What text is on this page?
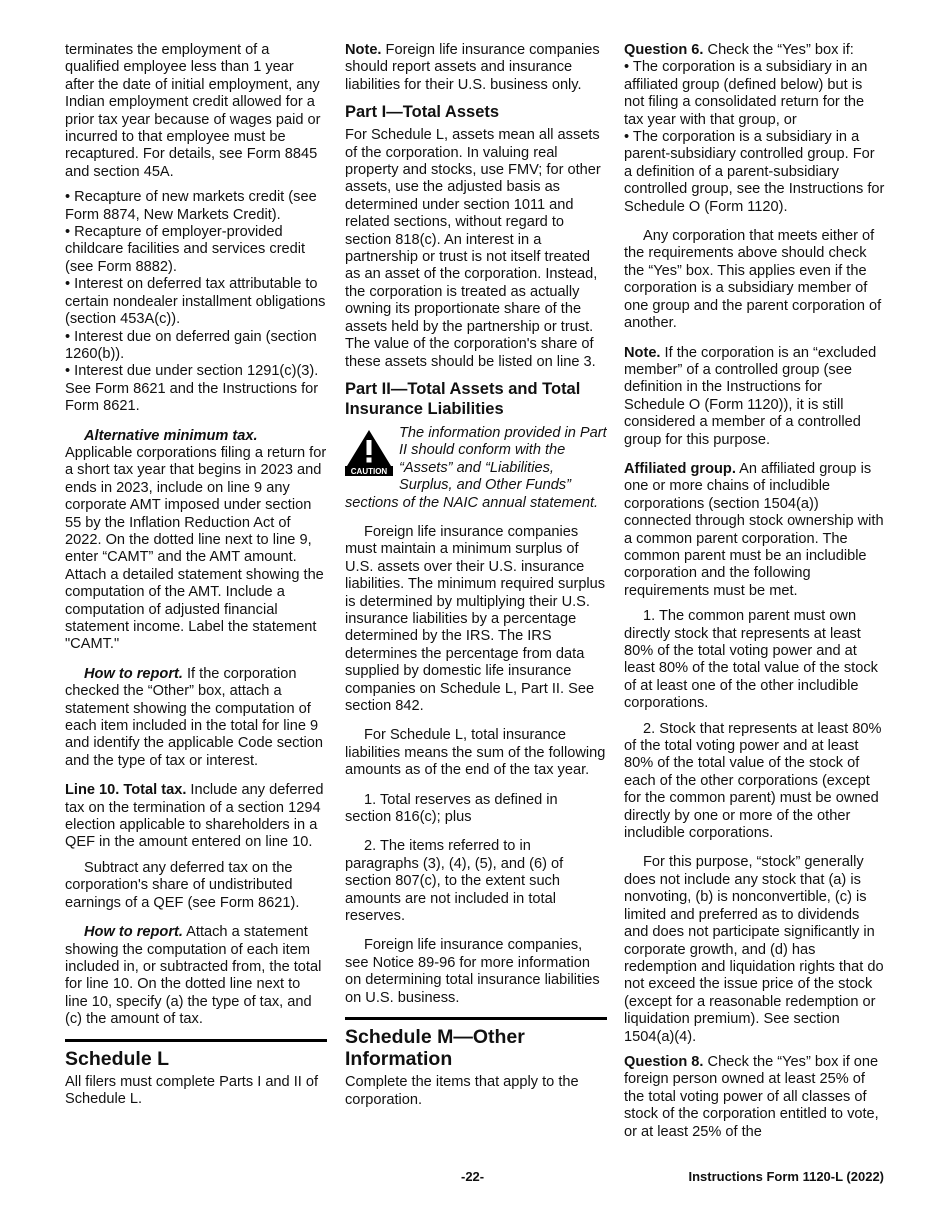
terminates the employment of a qualified employee less than 1 year after the date of initial employment, any Indian employment credit allowed for a prior tax year because of wages paid or incurred to that employee must be recaptured. For details, see Form 8845 and section 45A.

• Recapture of new markets credit (see Form 8874, New Markets Credit).

• Recapture of employer-provided childcare facilities and services credit (see Form 8882).

• Interest on deferred tax attributable to certain nondealer installment obligations (section 453A(c)).

• Interest due on deferred gain (section 1260(b)).

• Interest due under section 1291(c)(3). See Form 8621 and the Instructions for Form 8621.

Alternative minimum tax.

Applicable corporations filing a return for a short tax year that begins in 2023 and ends in 2023, include on line 9 any corporate AMT imposed under section 55 by the Inflation Reduction Act of 2022. On the dotted line next to line 9, enter “CAMT” and the AMT amount. Attach a detailed statement showing the computation of the AMT. Include a computation of adjusted financial statement income. Label the statement "CAMT."

How to report. If the corporation checked the “Other” box, attach a statement showing the computation of each item included in the total for line 9 and identify the applicable Code section and the type of tax or interest.

Line 10. Total tax. Include any deferred tax on the termination of a section 1294 election applicable to shareholders in a QEF in the amount entered on line 10.

Subtract any deferred tax on the corporation's share of undistributed earnings of a QEF (see Form 8621).

How to report. Attach a statement showing the computation of each item included in, or subtracted from, the total for line 10. On the dotted line next to line 10, specify (a) the type of tax, and (c) the amount of tax.

Schedule L

All filers must complete Parts I and II of Schedule L.

Note. Foreign life insurance companies should report assets and insurance liabilities for their U.S. business only.

Part I—Total Assets

For Schedule L, assets mean all assets of the corporation. In valuing real property and stocks, use FMV; for other assets, use the adjusted basis as determined under section 1011 and related sections, without regard to section 818(c). An interest in a partnership or trust is not itself treated as an asset of the corporation. Instead, the corporation is treated as actually owning its proportionate share of the assets held by the partnership or trust. The value of the corporation's share of these assets should be listed on line 3.

Part II—Total Assets and Total Insurance Liabilities
CAUTION
The information provided in Part II should conform with the “Assets” and “Liabilities, Surplus, and Other Funds” sections of the NAIC annual statement.

Foreign life insurance companies must maintain a minimum surplus of U.S. assets over their U.S. insurance liabilities. The minimum required surplus is determined by multiplying their U.S. insurance liabilities by a percentage determined by the IRS. The IRS determines the percentage from data supplied by domestic life insurance companies on Schedule L, Part II. See section 842.

For Schedule L, total insurance liabilities means the sum of the following amounts as of the end of the tax year.

1. Total reserves as defined in section 816(c); plus

2. The items referred to in paragraphs (3), (4), (5), and (6) of section 807(c), to the extent such amounts are not included in total reserves.

Foreign life insurance companies, see Notice 89-96 for more information on determining total insurance liabilities on U.S. business.

Schedule M—Other Information

Complete the items that apply to the corporation.

Question 6. Check the “Yes” box if:

• The corporation is a subsidiary in an affiliated group (defined below) but is not filing a consolidated return for the tax year with that group, or

• The corporation is a subsidiary in a parent-subsidiary controlled group. For a definition of a parent-subsidiary controlled group, see the Instructions for Schedule O (Form 1120).

Any corporation that meets either of the requirements above should check the “Yes” box. This applies even if the corporation is a subsidiary member of one group and the parent corporation of another.

Note. If the corporation is an “excluded member” of a controlled group (see definition in the Instructions for Schedule O (Form 1120)), it is still considered a member of a controlled group for this purpose.

Affiliated group. An affiliated group is one or more chains of includible corporations (section 1504(a)) connected through stock ownership with a common parent corporation. The common parent must be an includible corporation and the following requirements must be met.

1. The common parent must own directly stock that represents at least 80% of the total voting power and at least 80% of the total value of the stock of at least one of the other includible corporations.

2. Stock that represents at least 80% of the total voting power and at least 80% of the total value of the stock of each of the other corporations (except for the common parent) must be owned directly by one or more of the other includible corporations.

For this purpose, “stock” generally does not include any stock that (a) is nonvoting, (b) is nonconvertible, (c) is limited and preferred as to dividends and does not participate significantly in corporate growth, and (d) has redemption and liquidation rights that do not exceed the issue price of the stock (except for a reasonable redemption or liquidation premium). See section 1504(a)(4).

Question 8. Check the “Yes” box if one foreign person owned at least 25% of the total voting power of all classes of stock of the corporation entitled to vote, or at least 25% of the

-22-	Instructions Form 1120-L (2022)
